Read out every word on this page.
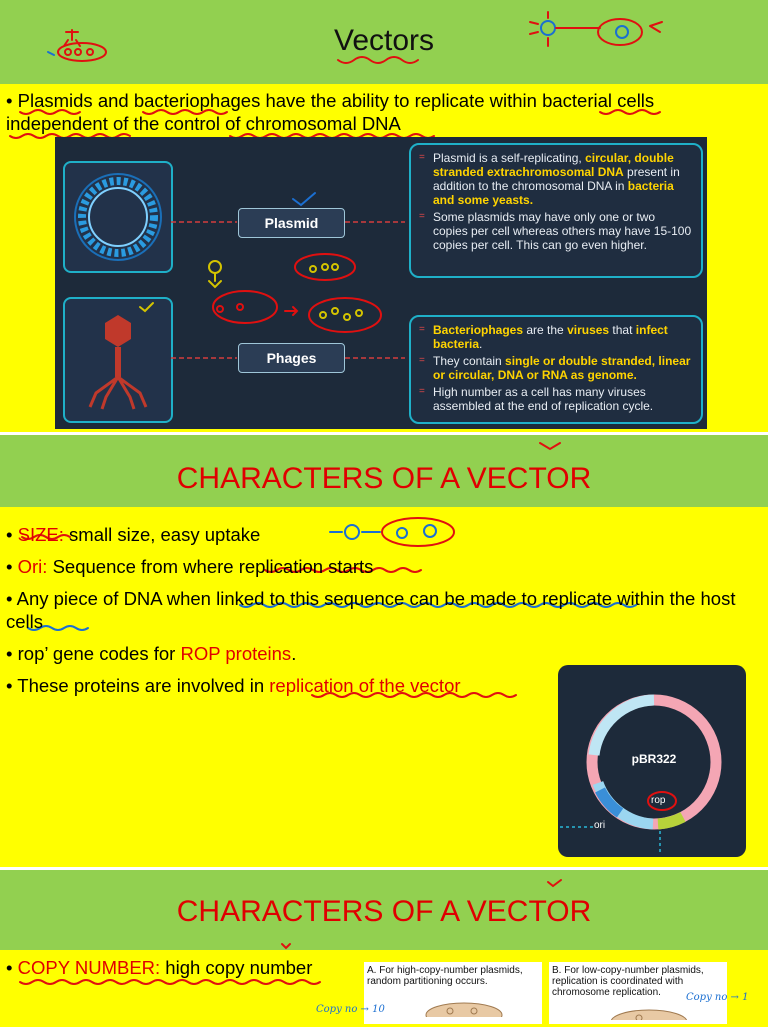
Vectors
• Plasmids and bacteriophages have the ability to replicate within bacterial cells independent of the control of chromosomal DNA
Plasmid
Phages

= Plasmid is a self-replicating, circular, double stranded extrachromosomal DNA present in addition to the chromosomal DNA in bacteria and some yeasts.

= Some plasmids may have only one or two copies per cell whereas others may have 15-100 copies per cell. This can go even higher.

= Bacteriophages are the viruses that infect bacteria.

= They contain single or double stranded, linear or circular, DNA or RNA as genome.

= High number as a cell has many viruses assembled at the end of replication cycle.

CHARACTERS OF A VECTOR
• SIZE: small size, easy uptake
• Ori: Sequence from where replication starts
• Any piece of DNA when linked to this sequence can be made to replicate within the host cells
• rop’ gene codes for ROP proteins.
• These proteins are involved in replication of the vector
pBR322
rop
ori
CHARACTERS OF A VECTOR
• COPY NUMBER: high copy number	A. For high-copy-number plasmids, random partitioning occurs.
B. For low-copy-number plasmids, replication is coordinated with chromosome replication.
Copy no → 10
Copy no → 1
